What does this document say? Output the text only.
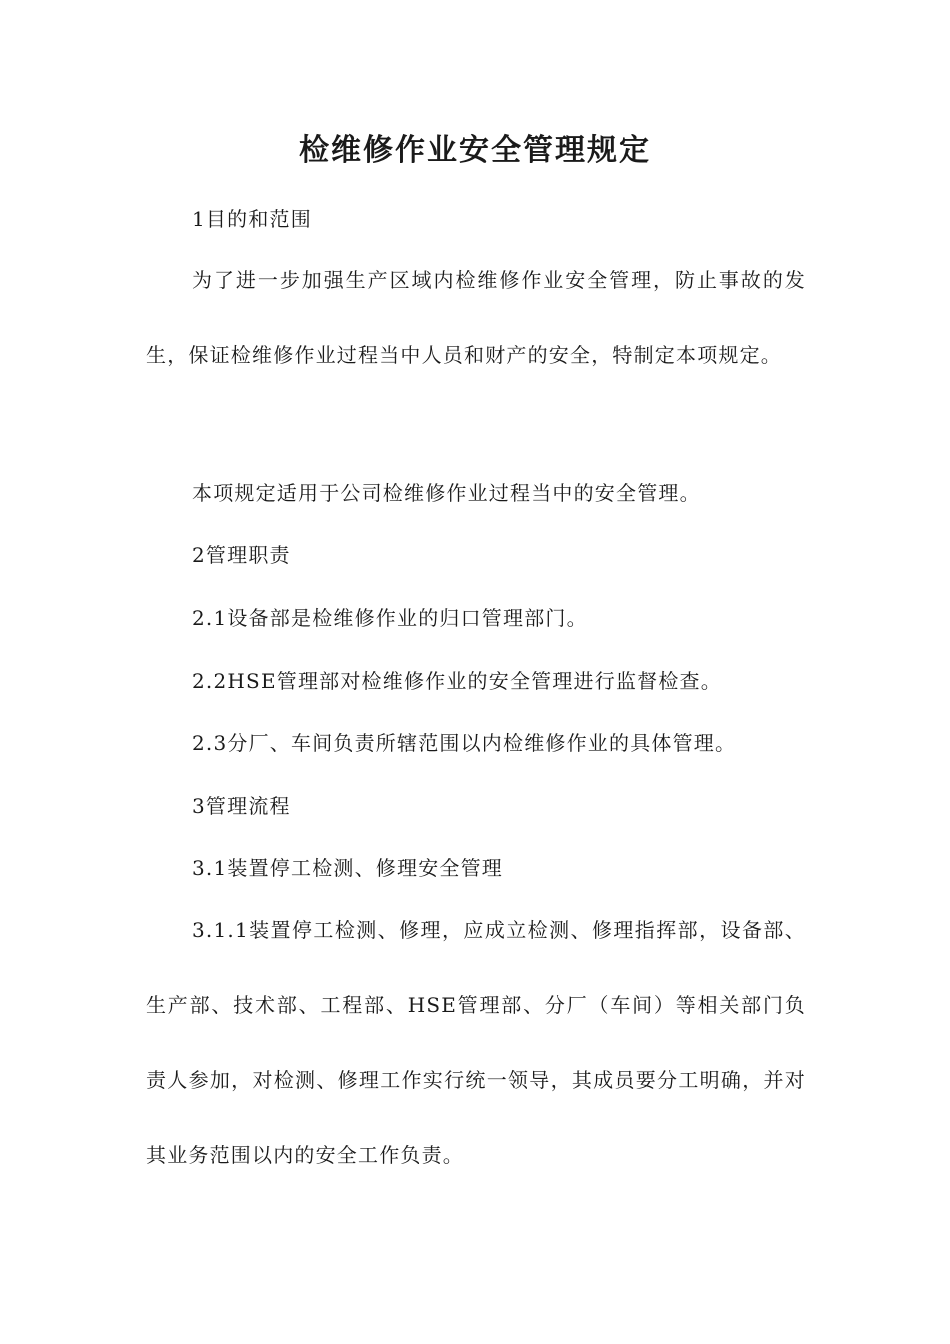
检维修作业安全管理规定
1目的和范围
为了进一步加强生产区域内检维修作业安全管理，防止事故的发生，保证检维修作业过程当中人员和财产的安全，特制定本项规定。
本项规定适用于公司检维修作业过程当中的安全管理。
2管理职责
2.1设备部是检维修作业的归口管理部门。
2.2HSE管理部对检维修作业的安全管理进行监督检查。
2.3分厂、车间负责所辖范围以内检维修作业的具体管理。
3管理流程
3.1装置停工检测、修理安全管理
3.1.1装置停工检测、修理，应成立检测、修理指挥部，设备部、生产部、技术部、工程部、HSE管理部、分厂（车间）等相关部门负责人参加，对检测、修理工作实行统一领导，其成员要分工明确，并对其业务范围以内的安全工作负责。
